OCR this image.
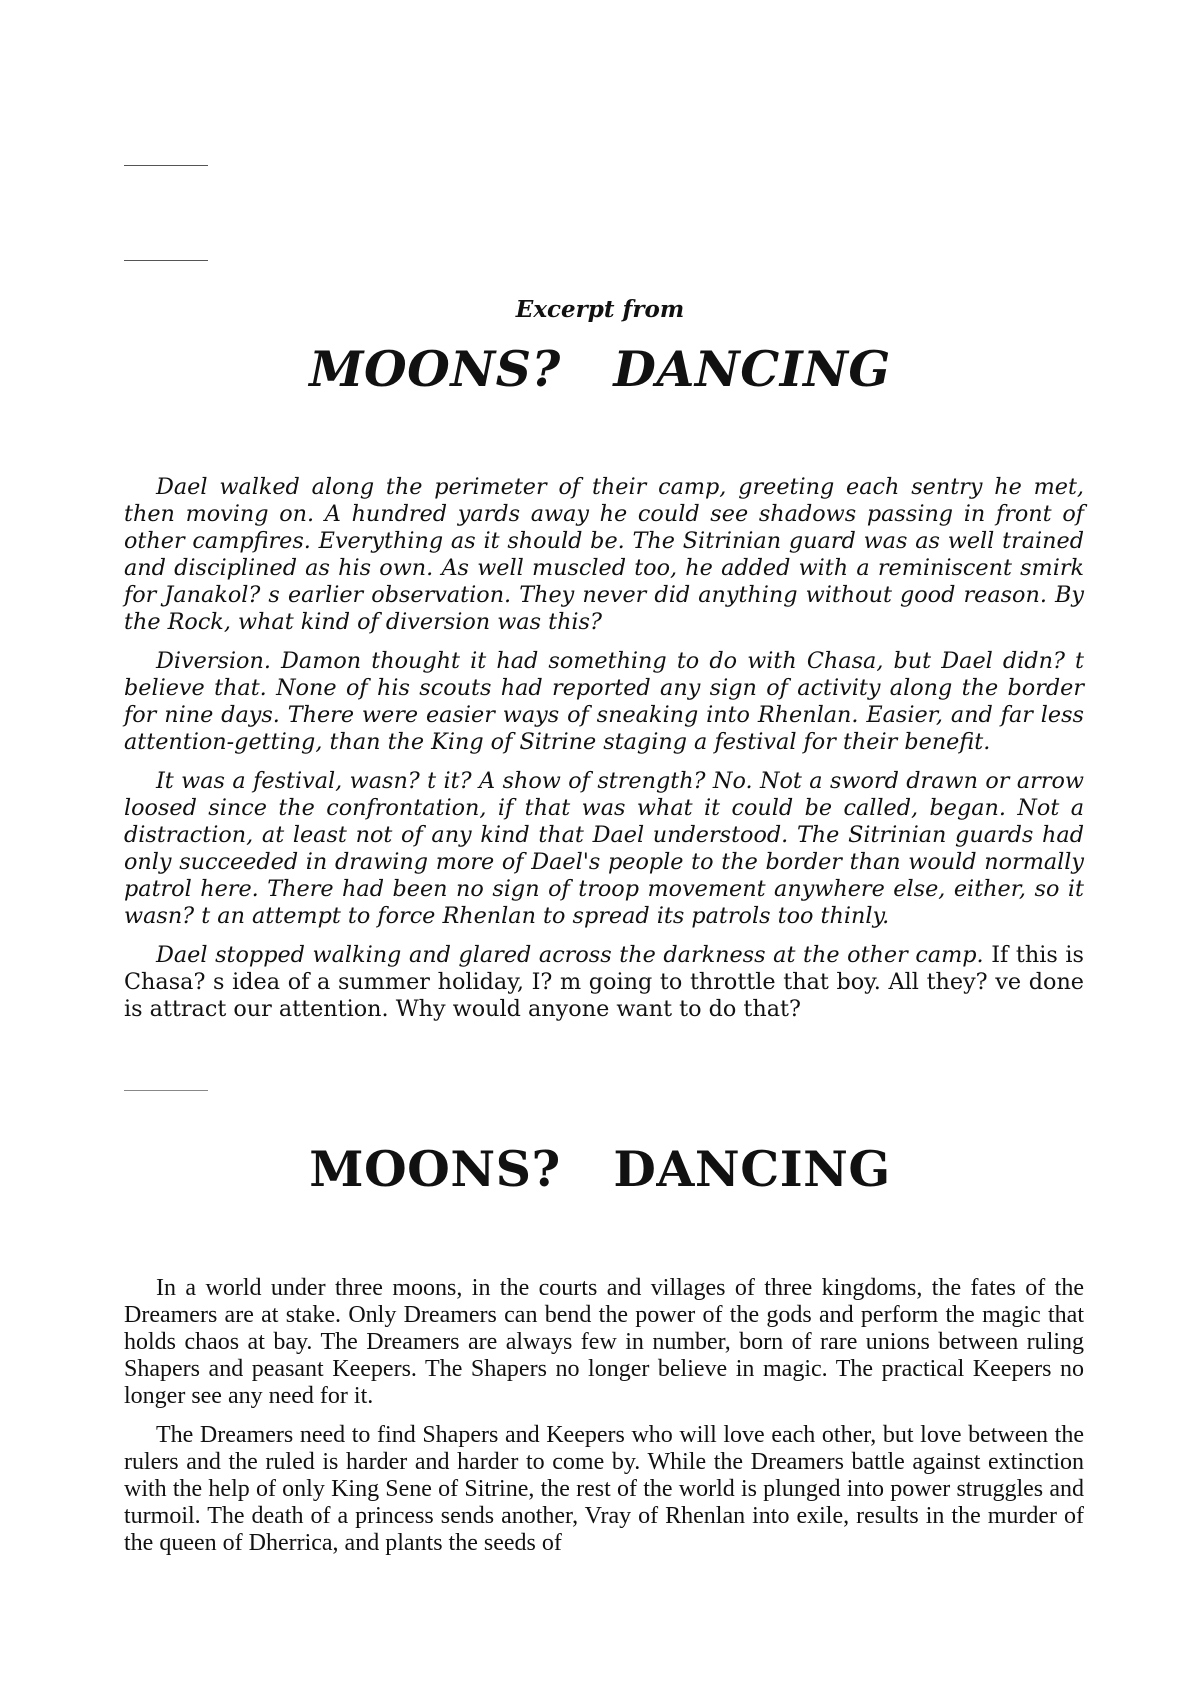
Excerpt from
MOONS?   DANCING

Dael walked along the perimeter of their camp, greeting each sentry he met, then moving on. A hundred yards away he could see shadows passing in front of other campfires. Everything as it should be. The Sitrinian guard was as well trained and disciplined as his own. As well muscled too, he added with a reminiscent smirk for Janakol? s earlier observation. They never did anything without good reason. By the Rock, what kind of diversion was this?

Diversion. Damon thought it had something to do with Chasa, but Dael didn? t believe that. None of his scouts had reported any sign of activity along the border for nine days. There were easier ways of sneaking into Rhenlan. Easier, and far less attention-getting, than the King of Sitrine staging a festival for their benefit.

It was a festival, wasn? t it? A show of strength? No. Not a sword drawn or arrow loosed since the confrontation, if that was what it could be called, began. Not a distraction, at least not of any kind that Dael understood. The Sitrinian guards had only succeeded in drawing more of Dael's people to the border than would normally patrol here. There had been no sign of troop movement anywhere else, either, so it wasn? t an attempt to force Rhenlan to spread its patrols too thinly.

Dael stopped walking and glared across the darkness at the other camp. If this is Chasa? s idea of a summer holiday, I? m going to throttle that boy. All they? ve done is attract our attention. Why would anyone want to do that?

MOONS?   DANCING

In a world under three moons, in the courts and villages of three kingdoms, the fates of the Dreamers are at stake. Only Dreamers can bend the power of the gods and perform the magic that holds chaos at bay. The Dreamers are always few in number, born of rare unions between ruling Shapers and peasant Keepers. The Shapers no longer believe in magic. The practical Keepers no longer see any need for it.

The Dreamers need to find Shapers and Keepers who will love each other, but love between the rulers and the ruled is harder and harder to come by. While the Dreamers battle against extinction with the help of only King Sene of Sitrine, the rest of the world is plunged into power struggles and turmoil. The death of a princess sends another, Vray of Rhenlan into exile, results in the murder of the queen of Dherrica, and plants the seeds of
